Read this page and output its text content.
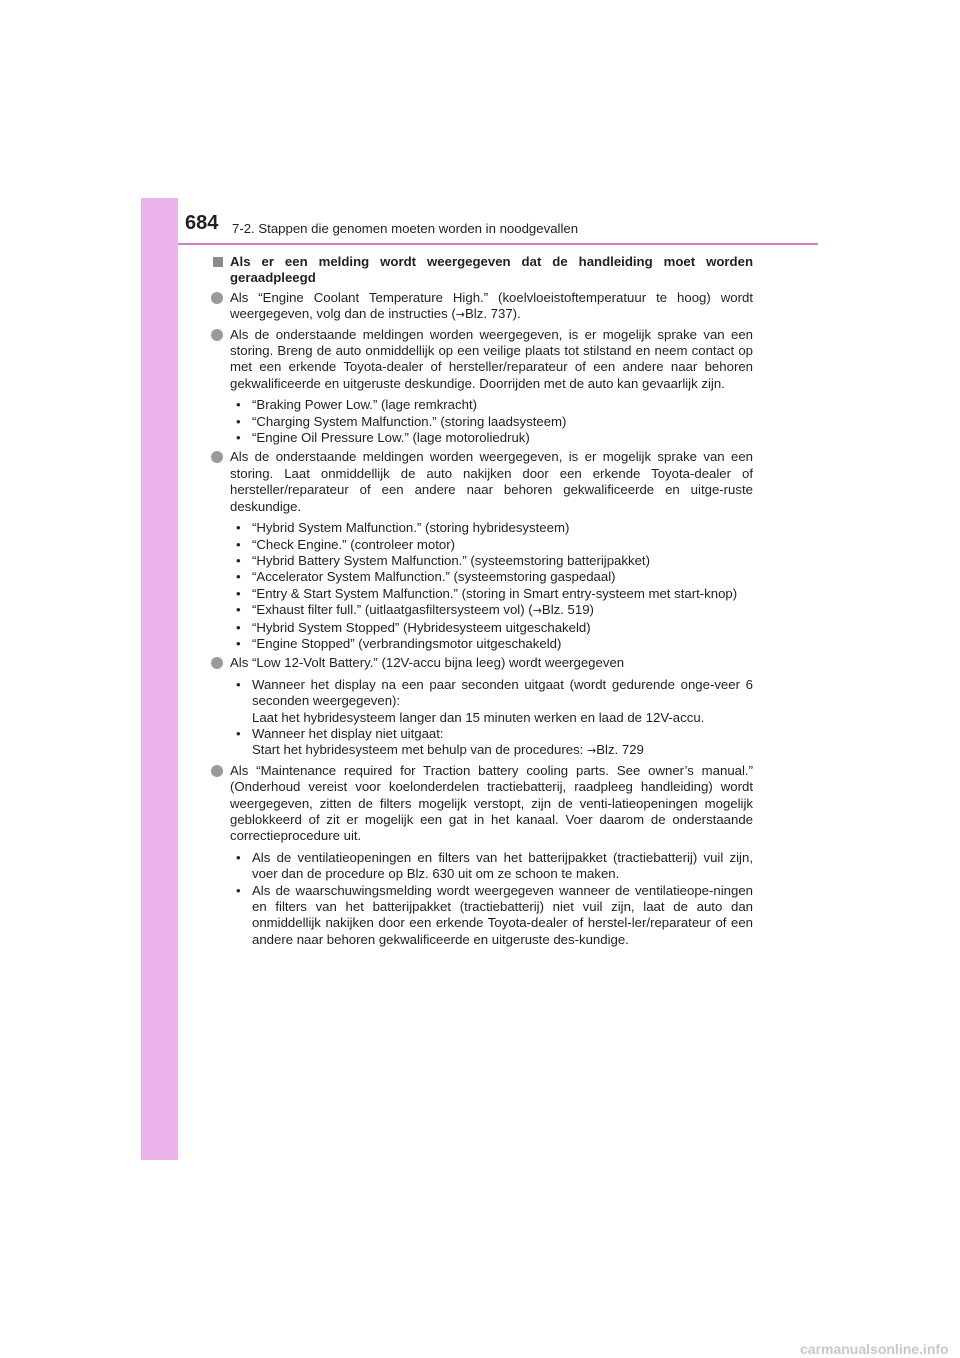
684 7-2. Stappen die genomen moeten worden in noodgevallen
Als er een melding wordt weergegeven dat de handleiding moet worden geraadpleegd
Als “Engine Coolant Temperature High.” (koelvloeistoftemperatuur te hoog) wordt weergegeven, volg dan de instructies (→Blz. 737).
Als de onderstaande meldingen worden weergegeven, is er mogelijk sprake van een storing. Breng de auto onmiddellijk op een veilige plaats tot stilstand en neem contact op met een erkende Toyota-dealer of hersteller/reparateur of een andere naar behoren gekwalificeerde en uitgeruste deskundige. Doorrijden met de auto kan gevaarlijk zijn.
• “Braking Power Low.” (lage remkracht)
• “Charging System Malfunction.” (storing laadsysteem)
• “Engine Oil Pressure Low.” (lage motoroliedruk)
Als de onderstaande meldingen worden weergegeven, is er mogelijk sprake van een storing. Laat onmiddellijk de auto nakijken door een erkende Toyota-dealer of hersteller/reparateur of een andere naar behoren gekwalificeerde en uitge-ruste deskundige.
• “Hybrid System Malfunction.” (storing hybridesysteem)
• “Check Engine.” (controleer motor)
• “Hybrid Battery System Malfunction.” (systeemstoring batterijpakket)
• “Accelerator System Malfunction.” (systeemstoring gaspedaal)
• “Entry & Start System Malfunction.” (storing in Smart entry-systeem met start-knop)
• “Exhaust filter full.” (uitlaatgasfiltersysteem vol) (→Blz. 519)
• “Hybrid System Stopped” (Hybridesysteem uitgeschakeld)
• “Engine Stopped” (verbrandingsmotor uitgeschakeld)
Als “Low 12-Volt Battery.” (12V-accu bijna leeg) wordt weergegeven
• Wanneer het display na een paar seconden uitgaat (wordt gedurende onge-veer 6 seconden weergegeven):
Laat het hybridesysteem langer dan 15 minuten werken en laad de 12V-accu.
• Wanneer het display niet uitgaat:
Start het hybridesysteem met behulp van de procedures: →Blz. 729
Als “Maintenance required for Traction battery cooling parts. See owner’s manual.” (Onderhoud vereist voor koelonderdelen tractiebatterij, raadpleeg handleiding) wordt weergegeven, zitten de filters mogelijk verstopt, zijn de venti-latieopeningen mogelijk geblokkeerd of zit er mogelijk een gat in het kanaal. Voer daarom de onderstaande correctieprocedure uit.
• Als de ventilatieopeningen en filters van het batterijpakket (tractiebatterij) vuil zijn, voer dan de procedure op Blz. 630 uit om ze schoon te maken.
• Als de waarschuwingsmelding wordt weergegeven wanneer de ventilatieope-ningen en filters van het batterijpakket (tractiebatterij) niet vuil zijn, laat de auto dan onmiddellijk nakijken door een erkende Toyota-dealer of herstel-ler/reparateur of een andere naar behoren gekwalificeerde en uitgeruste des-kundige.
carmanualsonline.info
